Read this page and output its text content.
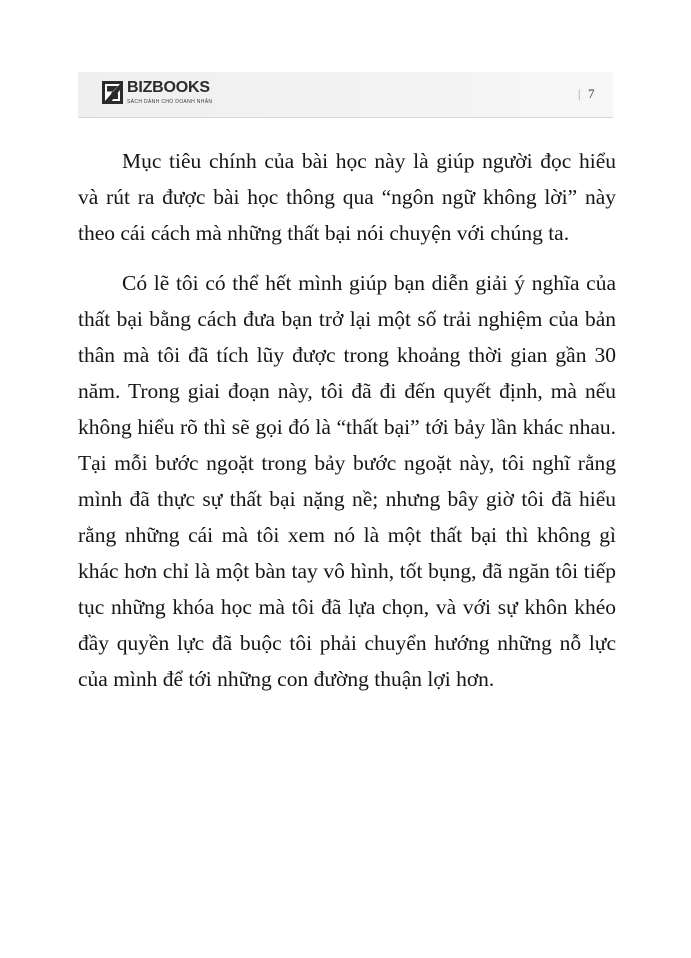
BIZBOOKS
SÁCH DÀNH CHO DOANH NHÂN
| 7

Mục tiêu chính của bài học này là giúp người đọc hiểu và rút ra được bài học thông qua “ngôn ngữ không lời” này theo cái cách mà những thất bại nói chuyện với chúng ta.

Có lẽ tôi có thể hết mình giúp bạn diễn giải ý nghĩa của thất bại bằng cách đưa bạn trở lại một số trải nghiệm của bản thân mà tôi đã tích lũy được trong khoảng thời gian gần 30 năm. Trong giai đoạn này, tôi đã đi đến quyết định, mà nếu không hiểu rõ thì sẽ gọi đó là “thất bại” tới bảy lần khác nhau. Tại mỗi bước ngoặt trong bảy bước ngoặt này, tôi nghĩ rằng mình đã thực sự thất bại nặng nề; nhưng bây giờ tôi đã hiểu rằng những cái mà tôi xem nó là một thất bại thì không gì khác hơn chỉ là một bàn tay vô hình, tốt bụng, đã ngăn tôi tiếp tục những khóa học mà tôi đã lựa chọn, và với sự khôn khéo đầy quyền lực đã buộc tôi phải chuyển hướng những nỗ lực của mình để tới những con đường thuận lợi hơn.
